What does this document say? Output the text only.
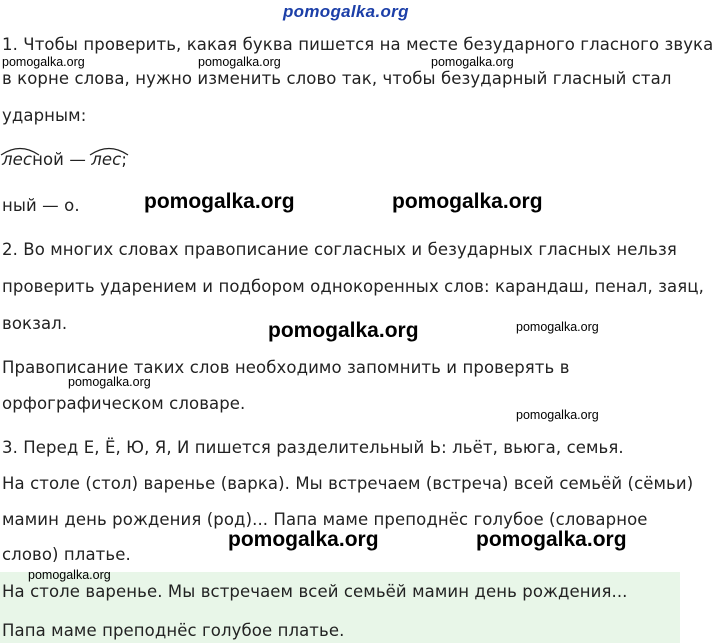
pomogalka.org
1. Чтобы проверить, какая буква пишется на месте безударного гласного звука
в корне слова, нужно изменить слово так, чтобы безударный гласный стал
ударным:
лесной —
лес;
ный — о.
2. Во многих словах правописание согласных и безударных гласных нельзя
проверить ударением и подбором однокоренных слов: карандаш, пенал, заяц,
вокзал.
Правописание таких слов необходимо запомнить и проверять в
орфографическом словаре.
3. Перед Е, Ё, Ю, Я, И пишется разделительный Ь: льёт, вьюга, семья.
На столе (стол) варенье (варка). Мы встречаем (встреча) всей семьёй (сёмьи)
мамин день рождения (род)... Папа маме преподнёс голубое (словарное
слово) платье.
На столе варенье. Мы встречаем всей семьёй мамин день рождения...
Папа маме преподнёс голубое платье.
pomogalka.org	pomogalka.org	pomogalka.org
pomogalka.org	pomogalka.org
pomogalka.org	pomogalka.org
pomogalka.org
pomogalka.org
pomogalka.org	pomogalka.org
pomogalka.org
